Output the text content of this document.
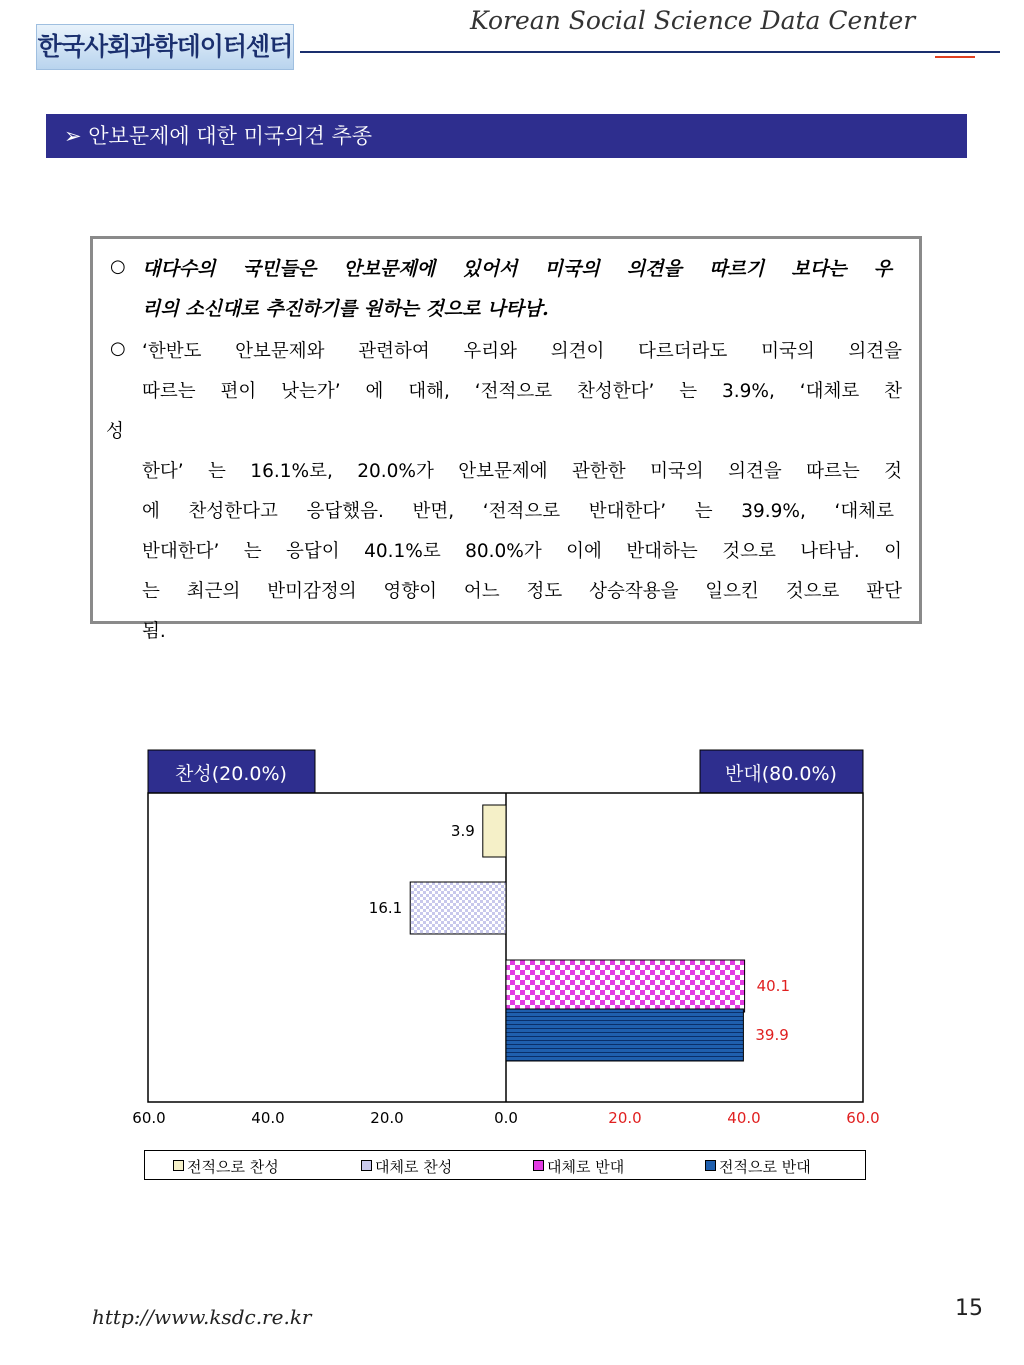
한국사회과학데이터센터
Korean Social Science Data Center
➢ 안보문제에 대한 미국의견 추종
○ 대다수의 국민들은 안보문제에 있어서 미국의 의견을 따르기 보다는 우
리의 소신대로 추진하기를 원하는 것으로 나타남.
○ ‘한반도 안보문제와 관련하여 우리와 의견이 다르더라도 미국의 의견을
따르는 편이 낫는가’ 에 대해, ‘전적으로 찬성한다’ 는 3.9%, ‘대체로 찬
성
한다’ 는 16.1%로, 20.0%가 안보문제에 관한한 미국의 의견을 따르는 것
에 찬성한다고 응답했음. 반면, ‘전적으로 반대한다’ 는 39.9%, ‘대체로
반대한다’ 는 응답이 40.1%로 80.0%가 이에 반대하는 것으로 나타남. 이
는 최근의 반미감정의 영향이 어느 정도 상승작용을 일으킨 것으로 판단
됨.
찬성(20.0%)	반대(80.0%)
3.9
16.1
40.1
39.9
60.0	40.0	20.0	0.0	20.0	40.0	60.0
전적으로 찬성	대체로 찬성	대체로 반대	전적으로 반대
http://www.ksdc.re.kr	15
